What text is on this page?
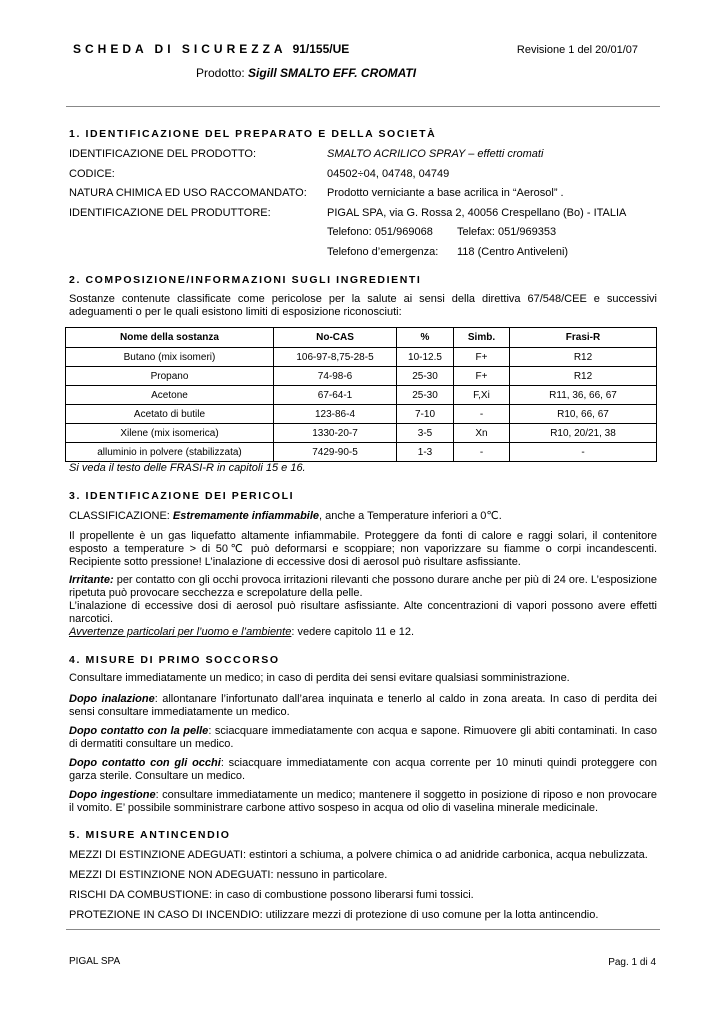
SCHEDA DI SICUREZZA 91/155/UE	Revisione 1 del 20/01/07
Prodotto: Sigill SMALTO EFF. CROMATI
1. IDENTIFICAZIONE DEL PREPARATO E DELLA SOCIETÀ
IDENTIFICAZIONE DEL PRODOTTO:	SMALTO ACRILICO SPRAY – effetti cromati
CODICE:	04502÷04, 04748, 04749
NATURA CHIMICA ED USO RACCOMANDATO: Prodotto verniciante a base acrilica in “Aerosol” .
IDENTIFICAZIONE DEL PRODUTTORE:	PIGAL SPA, via G. Rossa 2, 40056 Crespellano (Bo) - ITALIA
Telefono: 051/969068 Telefax: 051/969353
Telefono d’emergenza: 118 (Centro Antiveleni)
2. COMPOSIZIONE/INFORMAZIONI SUGLI INGREDIENTI
Sostanze contenute classificate come pericolose per la salute ai sensi della direttiva 67/548/CEE e successivi adeguamenti o per le quali esistono limiti di esposizione riconosciuti:
Nome della sostanza	No-CAS	%	Simb.	Frasi-R
Butano (mix isomeri)	106-97-8,75-28-5	10-12.5	F+	R12
Propano	74-98-6	25-30	F+	R12
Acetone	67-64-1	25-30	F,Xi	R11, 36, 66, 67
Acetato di butile	123-86-4	7-10	-	R10, 66, 67
Xilene (mix isomerica)	1330-20-7	3-5	Xn	R10, 20/21, 38
alluminio in polvere (stabilizzata)	7429-90-5	1-3	-	-
Si veda il testo delle FRASI-R in capitoli 15 e 16.
3. IDENTIFICAZIONE DEI PERICOLI
CLASSIFICAZIONE: Estremamente infiammabile, anche a Temperature inferiori a 0℃.
Il propellente è un gas liquefatto altamente infiammabile. Proteggere da fonti di calore e raggi solari, il contenitore esposto a temperature > di 50℃ può deformarsi e scoppiare; non vaporizzare su fiamme o corpi incandescenti. Recipiente sotto pressione! L’inalazione di eccessive dosi di aerosol può risultare asfissiante.
Irritante: per contatto con gli occhi provoca irritazioni rilevanti che possono durare anche per più di 24 ore. L’esposizione ripetuta può provocare secchezza e screpolature della pelle.
L’inalazione di eccessive dosi di aerosol può risultare asfissiante. Alte concentrazioni di vapori possono avere effetti narcotici.
Avvertenze particolari per l’uomo e l’ambiente: vedere capitolo 11 e 12.
4. MISURE DI PRIMO SOCCORSO
Consultare immediatamente un medico; in caso di perdita dei sensi evitare qualsiasi somministrazione.
Dopo inalazione: allontanare l’infortunato dall’area inquinata e tenerlo al caldo in zona areata. In caso di perdita dei sensi consultare immediatamente un medico.
Dopo contatto con la pelle: sciacquare immediatamente con acqua e sapone. Rimuovere gli abiti contaminati. In caso di dermatiti consultare un medico.
Dopo contatto con gli occhi: sciacquare immediatamente con acqua corrente per 10 minuti quindi proteggere con garza sterile. Consultare un medico.
Dopo ingestione: consultare immediatamente un medico; mantenere il soggetto in posizione di riposo e non provocare il vomito. E’ possibile somministrare carbone attivo sospeso in acqua od olio di vaselina minerale medicinale.
5. MISURE ANTINCENDIO
MEZZI DI ESTINZIONE ADEGUATI: estintori a schiuma, a polvere chimica o ad anidride carbonica, acqua nebulizzata.
MEZZI DI ESTINZIONE NON ADEGUATI: nessuno in particolare.
RISCHI DA COMBUSTIONE: in caso di combustione possono liberarsi fumi tossici.
PROTEZIONE IN CASO DI INCENDIO: utilizzare mezzi di protezione di uso comune per la lotta antincendio.
PIGAL SPA	Pag. 1 di 4
